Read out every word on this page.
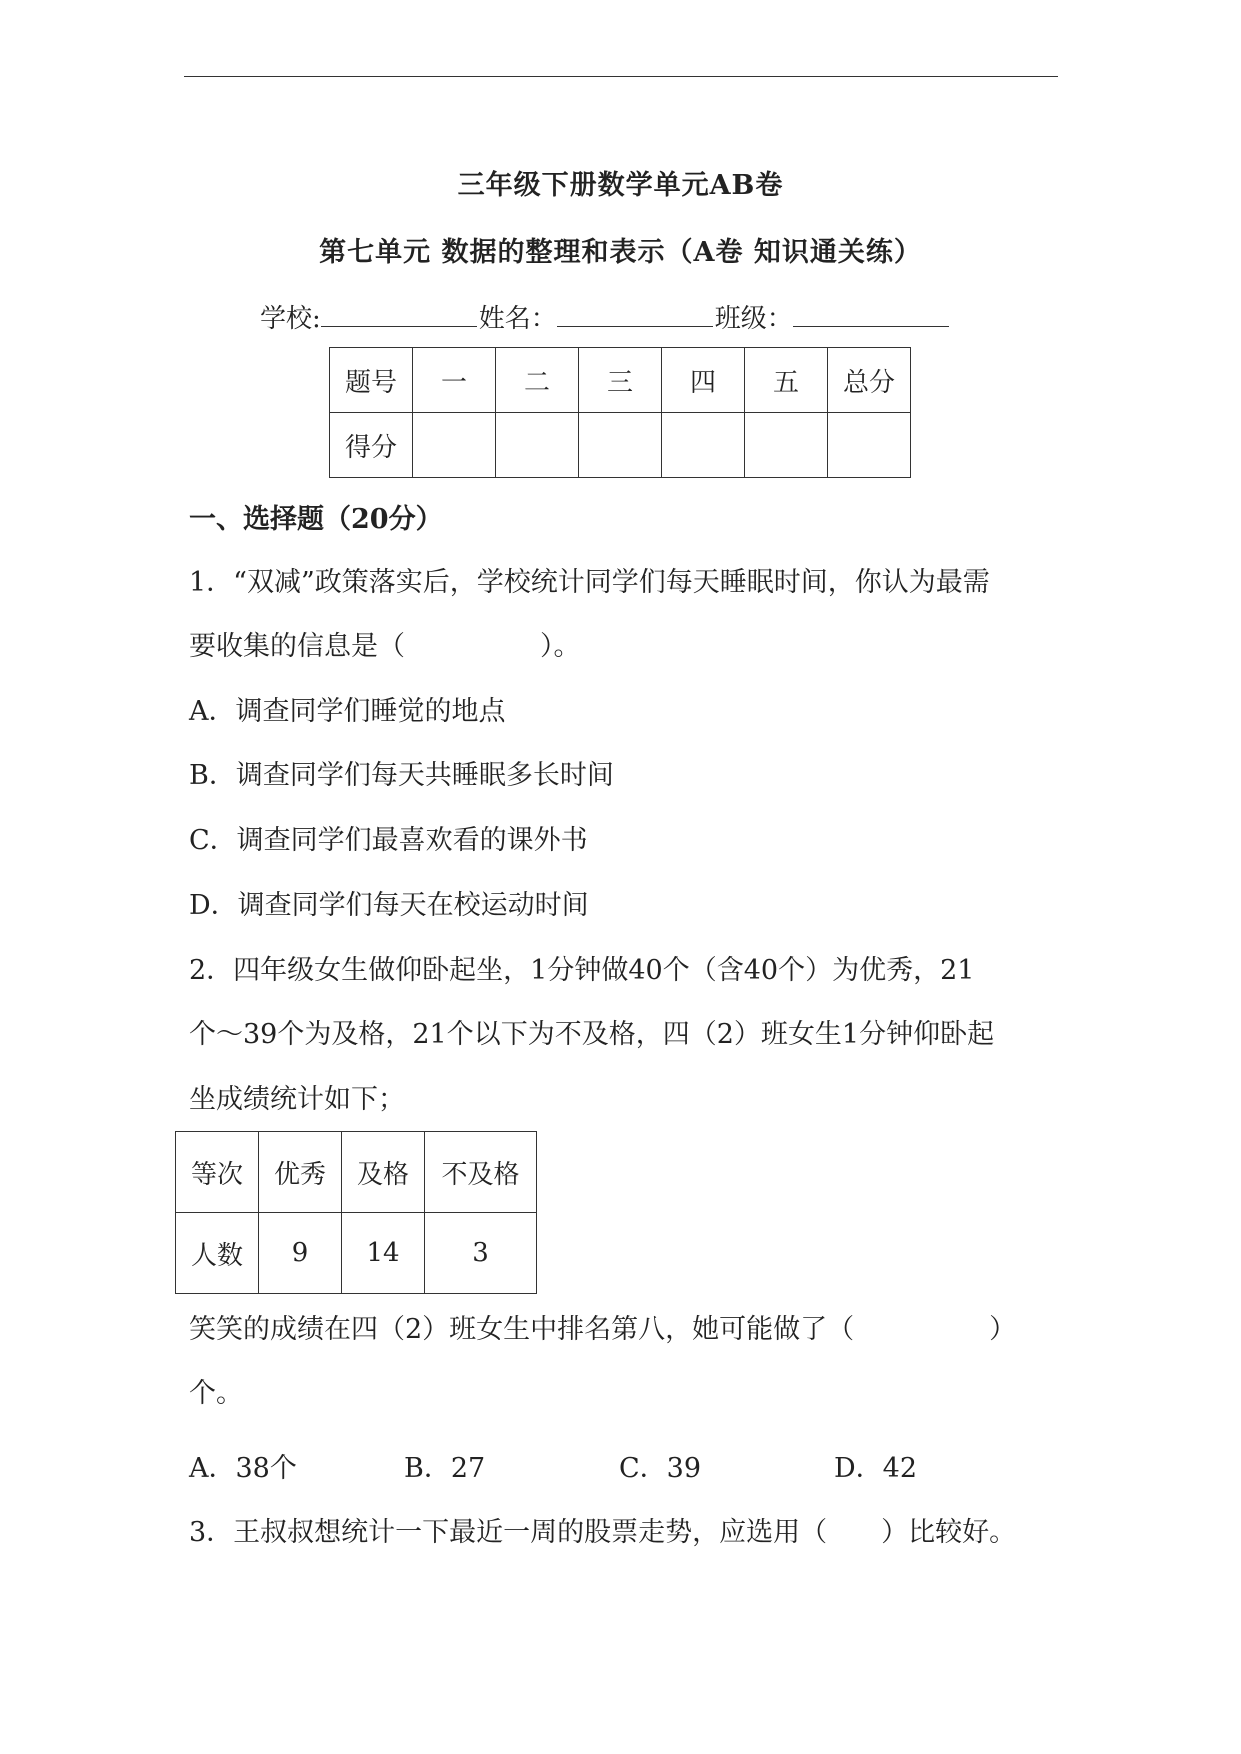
三年级下册数学单元AB卷
第七单元 数据的整理和表示（A卷 知识通关练）
学校:	姓名：	班级：
题号	一	二	三	四	五	总分
得分						
一、选择题（20分）
1．“双减”政策落实后，学校统计同学们每天睡眠时间，你认为最需
要收集的信息是（　　　　　）。
A．调查同学们睡觉的地点
B．调查同学们每天共睡眠多长时间
C．调查同学们最喜欢看的课外书
D．调查同学们每天在校运动时间
2．四年级女生做仰卧起坐，1分钟做40个（含40个）为优秀，21
个～39个为及格，21个以下为不及格，四（2）班女生1分钟仰卧起
坐成绩统计如下；
等次	优秀	及格	不及格
人数	9	14	3
笑笑的成绩在四（2）班女生中排名第八，她可能做了（　　　　　）
个。
A．38个	B．27	C．39	D．42
3．王叔叔想统计一下最近一周的股票走势，应选用（　　）比较好。
